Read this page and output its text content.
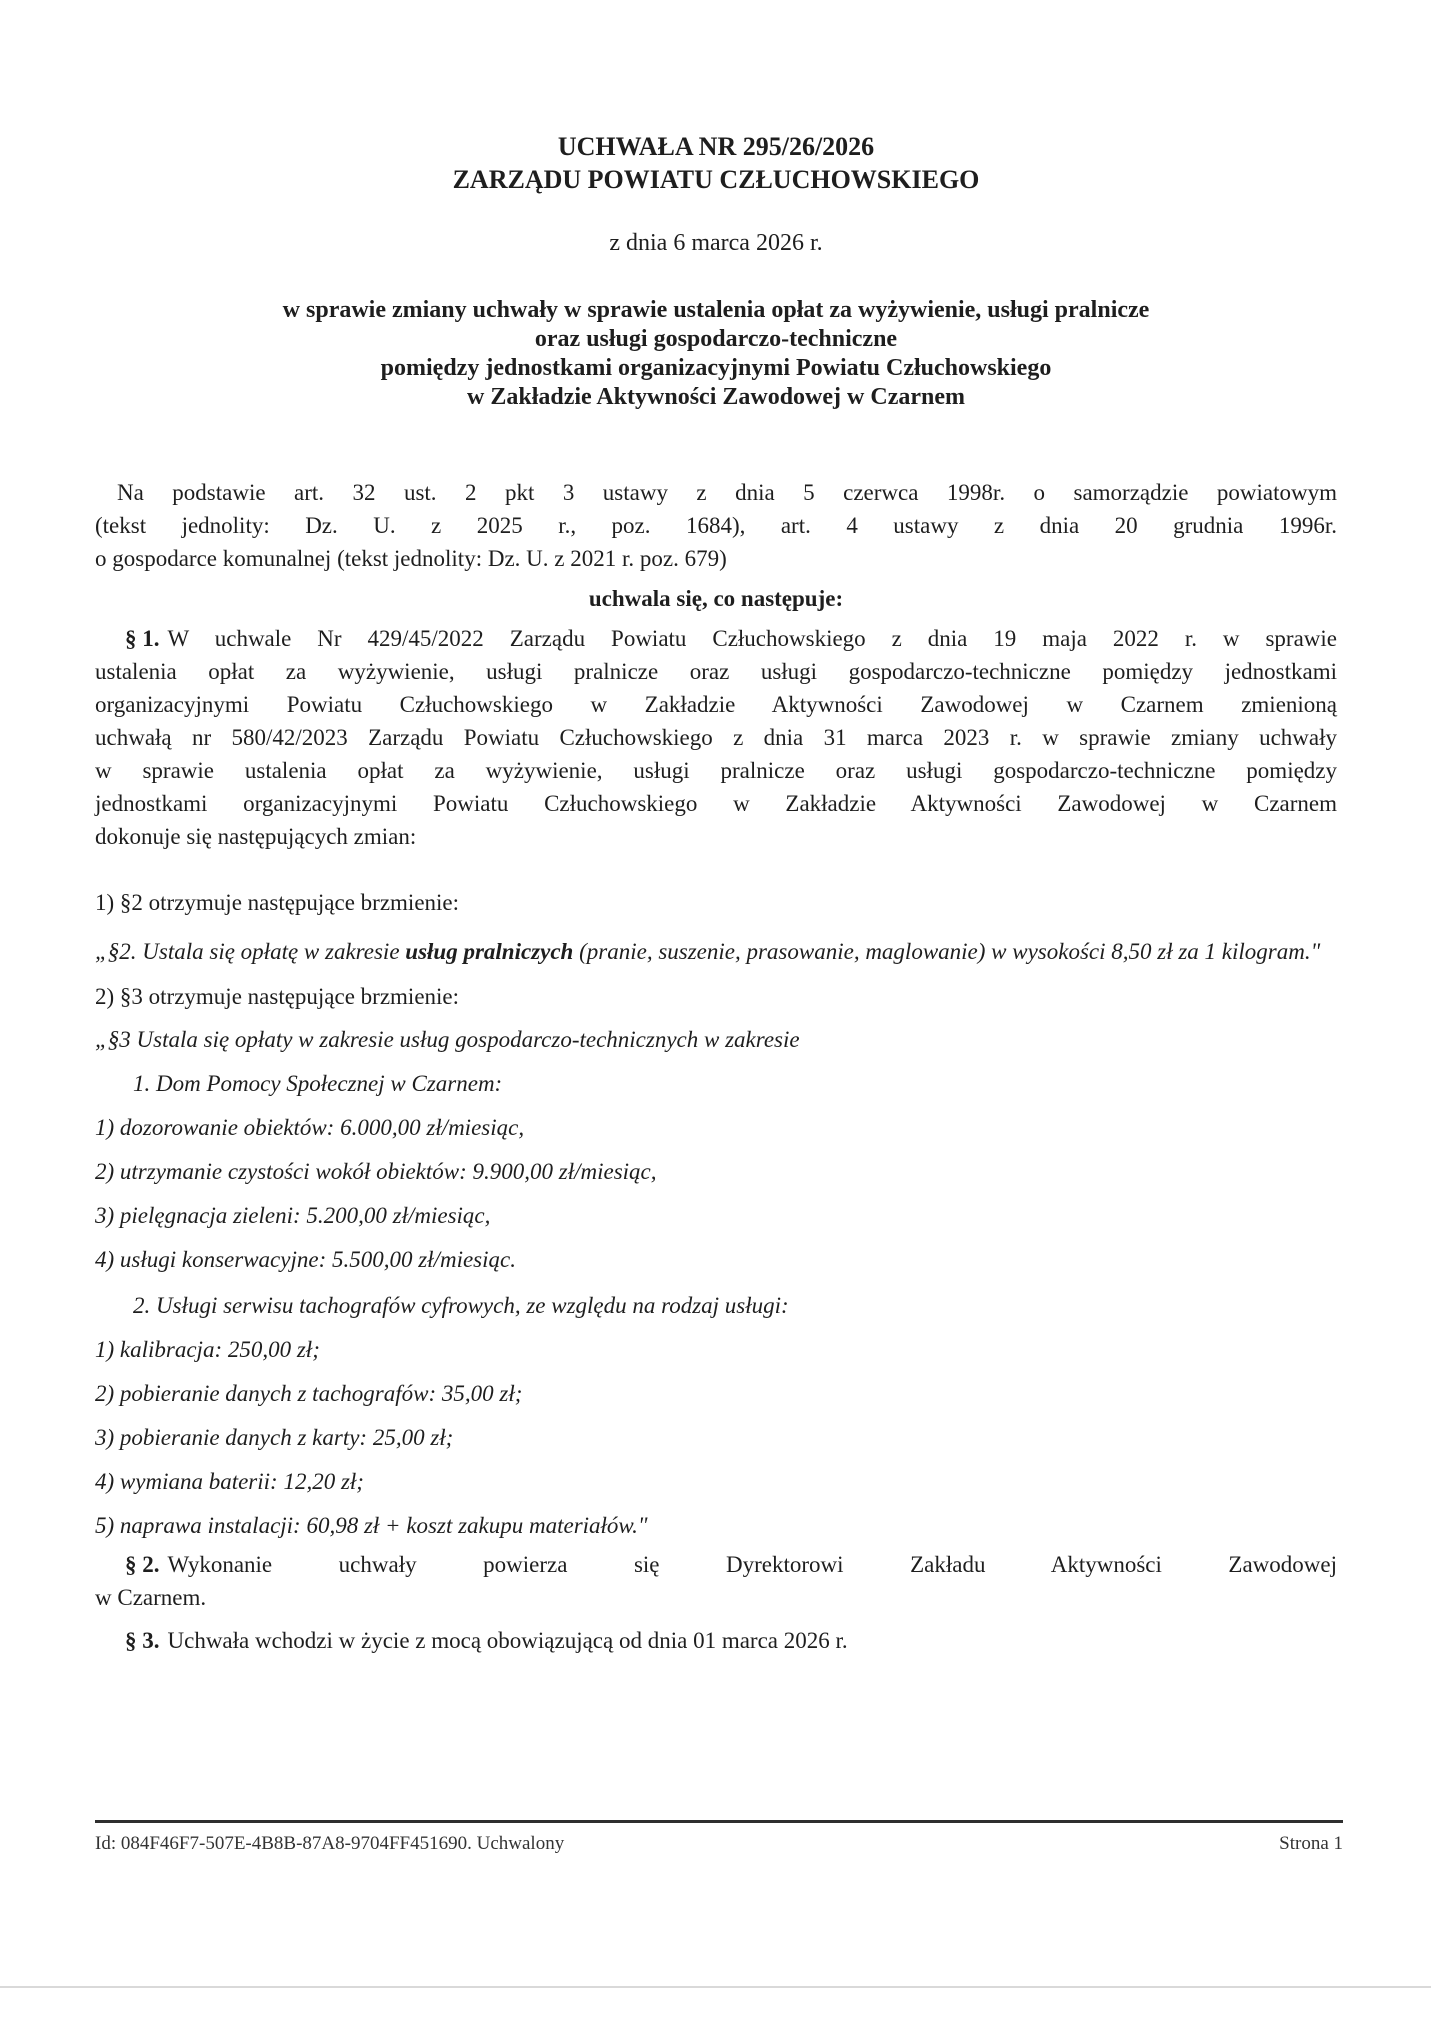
UCHWAŁA NR 295/26/2026
ZARZĄDU POWIATU CZŁUCHOWSKIEGO
z dnia 6 marca 2026 r.
w sprawie zmiany uchwały w sprawie ustalenia opłat za wyżywienie, usługi pralnicze
oraz usługi gospodarczo-techniczne
pomiędzy jednostkami organizacyjnymi Powiatu Człuchowskiego
w Zakładzie Aktywności Zawodowej w Czarnem
Na podstawie art. 32 ust. 2 pkt 3 ustawy z dnia 5 czerwca 1998r. o samorządzie powiatowym
(tekst jednolity: Dz. U. z 2025 r., poz. 1684), art. 4 ustawy z dnia 20 grudnia 1996r.
o gospodarce komunalnej (tekst jednolity: Dz. U. z 2021 r. poz. 679)
uchwala się, co następuje:
§ 1. W uchwale Nr 429/45/2022 Zarządu Powiatu Człuchowskiego z dnia 19 maja 2022 r. w sprawie
ustalenia opłat za wyżywienie, usługi pralnicze oraz usługi gospodarczo-techniczne pomiędzy jednostkami
organizacyjnymi Powiatu Człuchowskiego w Zakładzie Aktywności Zawodowej w Czarnem zmienioną
uchwałą nr 580/42/2023 Zarządu Powiatu Człuchowskiego z dnia 31 marca 2023 r. w sprawie zmiany uchwały
w sprawie ustalenia opłat za wyżywienie, usługi pralnicze oraz usługi gospodarczo-techniczne pomiędzy
jednostkami organizacyjnymi Powiatu Człuchowskiego w Zakładzie Aktywności Zawodowej w Czarnem
dokonuje się następujących zmian:
1) §2 otrzymuje następujące brzmienie:
„§2. Ustala się opłatę w zakresie usług pralniczych (pranie, suszenie, prasowanie, maglowanie) w wysokości 8,50 zł za 1 kilogram."
2) §3 otrzymuje następujące brzmienie:
„§3 Ustala się opłaty w zakresie usług gospodarczo-technicznych w zakresie
1. Dom Pomocy Społecznej w Czarnem:
1) dozorowanie obiektów: 6.000,00 zł/miesiąc,
2) utrzymanie czystości wokół obiektów: 9.900,00 zł/miesiąc,
3) pielęgnacja zieleni: 5.200,00 zł/miesiąc,
4) usługi konserwacyjne: 5.500,00 zł/miesiąc.
2. Usługi serwisu tachografów cyfrowych, ze względu na rodzaj usługi:
1) kalibracja: 250,00 zł;
2) pobieranie danych z tachografów: 35,00 zł;
3) pobieranie danych z karty: 25,00 zł;
4) wymiana baterii: 12,20 zł;
5) naprawa instalacji: 60,98 zł + koszt zakupu materiałów."
§ 2. Wykonanie uchwały powierza się Dyrektorowi Zakładu Aktywności Zawodowej
w Czarnem.
§ 3. Uchwała wchodzi w życie z mocą obowiązującą od dnia 01 marca 2026 r.
Id: 084F46F7-507E-4B8B-87A8-9704FF451690. Uchwalony	Strona 1
